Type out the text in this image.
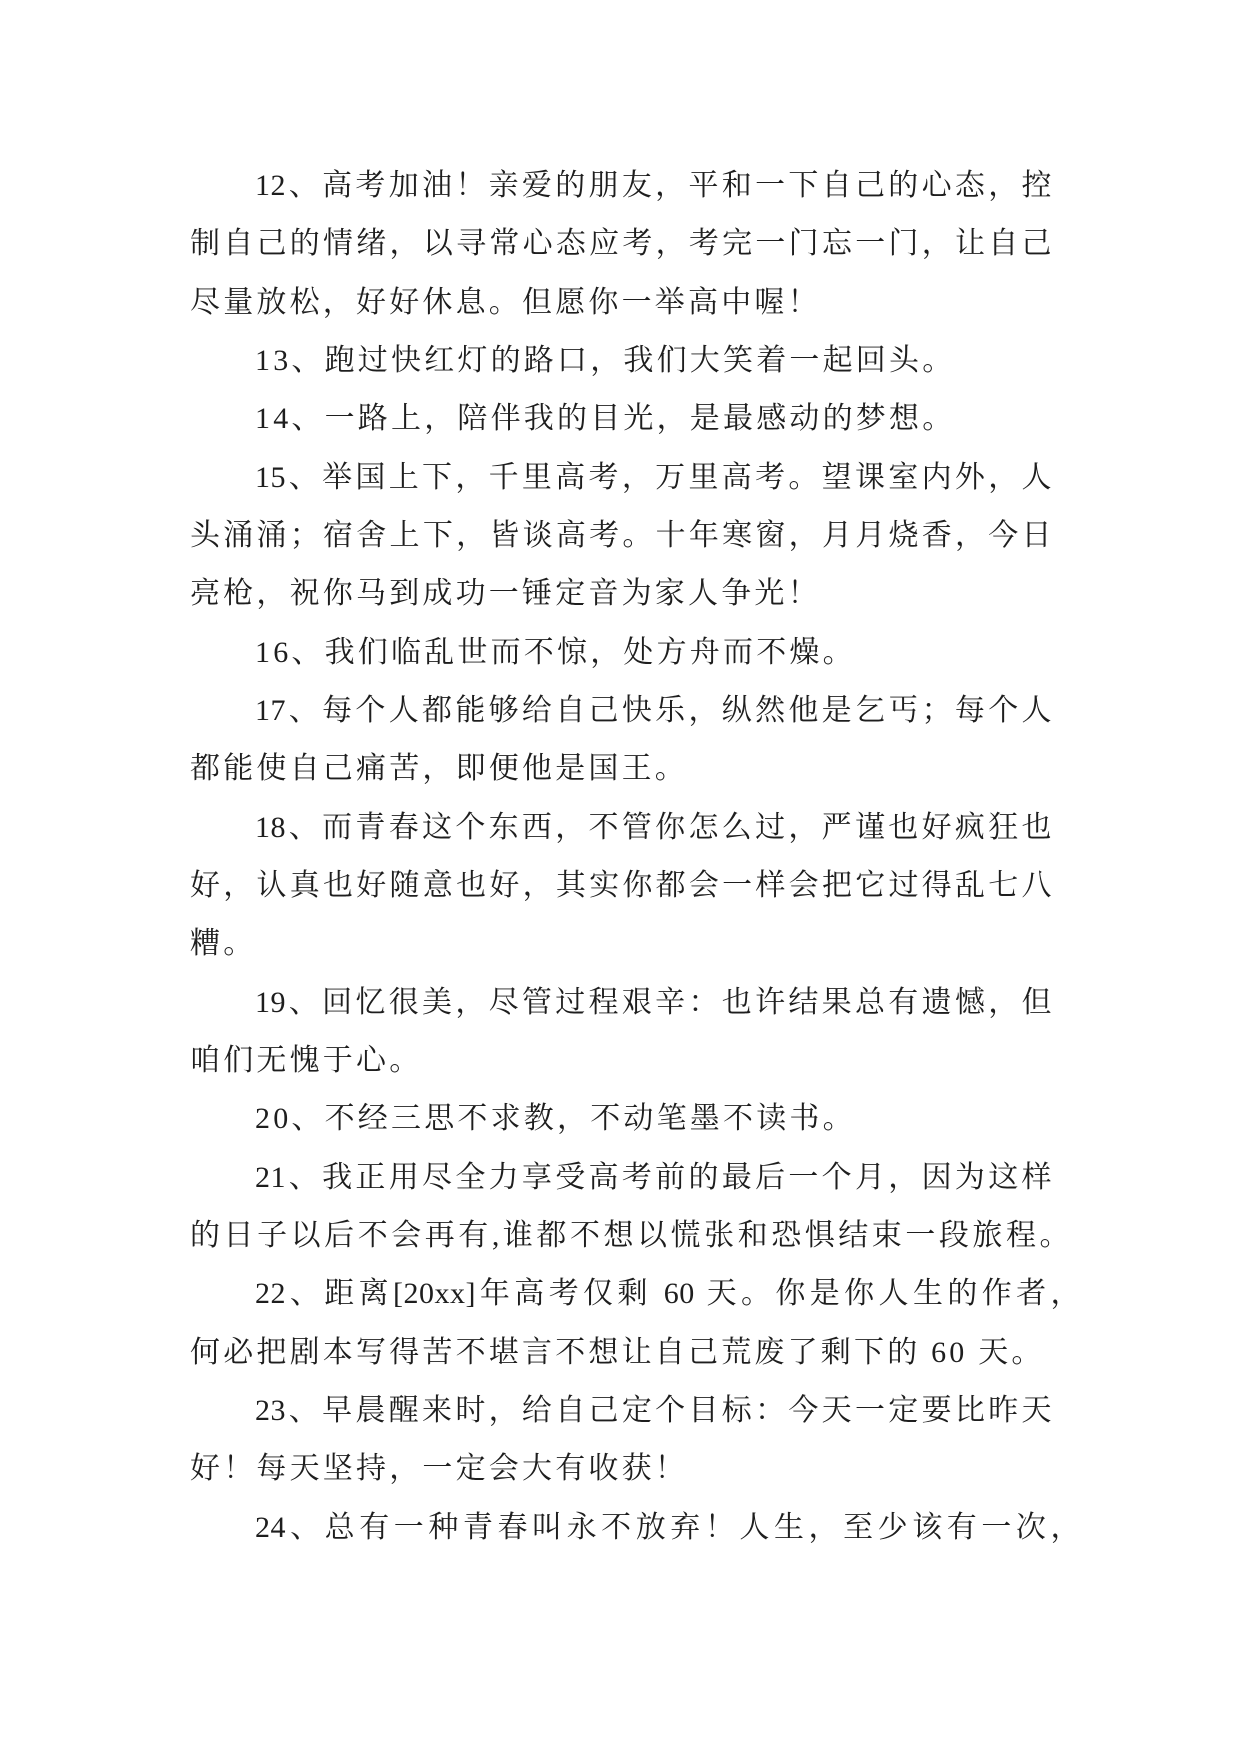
12、高考加油！亲爱的朋友，平和一下自己的心态，控
制自己的情绪，以寻常心态应考，考完一门忘一门，让自己
尽量放松，好好休息。但愿你一举高中喔！
13、跑过快红灯的路口，我们大笑着一起回头。
14、一路上，陪伴我的目光，是最感动的梦想。
15、举国上下，千里高考，万里高考。望课室内外，人
头涌涌；宿舍上下，皆谈高考。十年寒窗，月月烧香，今日
亮枪，祝你马到成功一锤定音为家人争光！
16、我们临乱世而不惊，处方舟而不燥。
17、每个人都能够给自己快乐，纵然他是乞丐；每个人
都能使自己痛苦，即便他是国王。
18、而青春这个东西，不管你怎么过，严谨也好疯狂也
好，认真也好随意也好，其实你都会一样会把它过得乱七八
糟。
19、回忆很美，尽管过程艰辛：也许结果总有遗憾，但
咱们无愧于心。
20、不经三思不求教，不动笔墨不读书。
21、我正用尽全力享受高考前的最后一个月，因为这样
的日子以后不会再有,谁都不想以慌张和恐惧结束一段旅程。
22、距离[20xx]年高考仅剩 60 天。你是你人生的作者，
何必把剧本写得苦不堪言不想让自己荒废了剩下的 60 天。
23、早晨醒来时，给自己定个目标：今天一定要比昨天
好！每天坚持，一定会大有收获！
24、总有一种青春叫永不放弃！人生，至少该有一次，
